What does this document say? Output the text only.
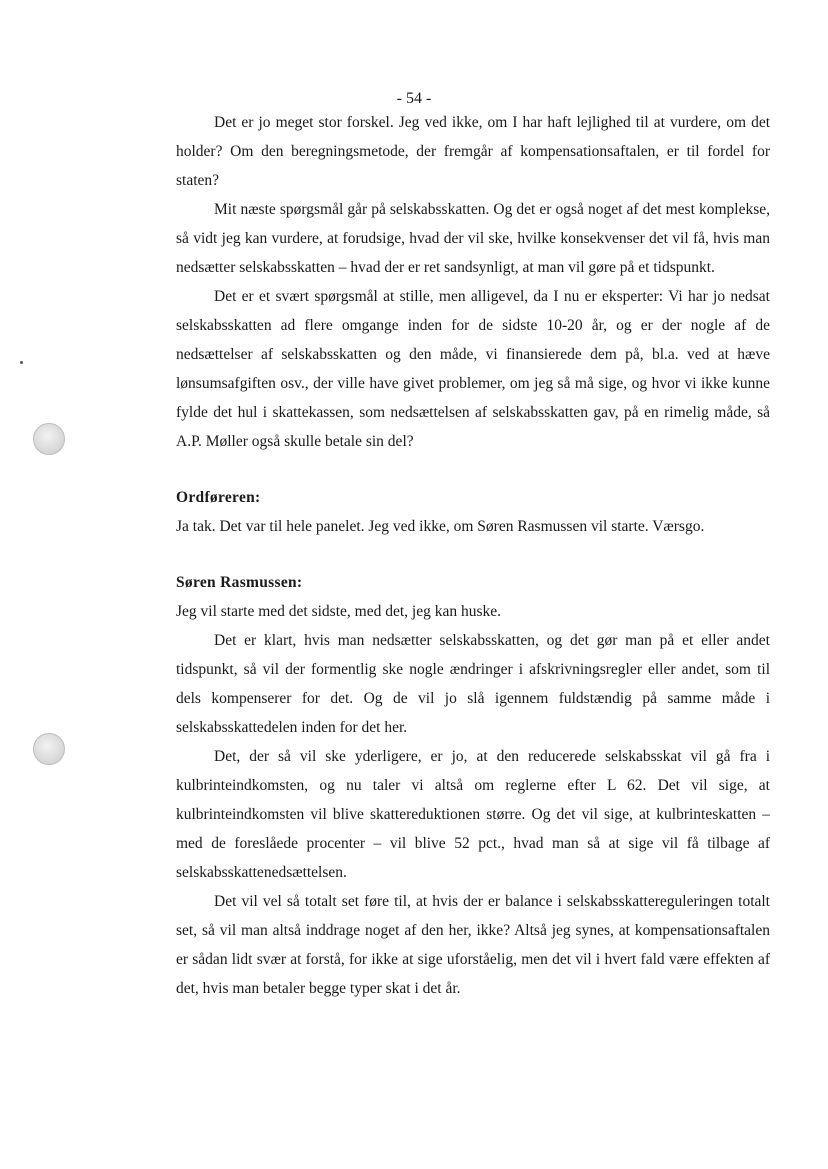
- 54 -

Det er jo meget stor forskel. Jeg ved ikke, om I har haft lejlighed til at vurdere, om det holder? Om den beregningsmetode, der fremgår af kompensationsaftalen, er til fordel for staten?

Mit næste spørgsmål går på selskabsskatten. Og det er også noget af det mest komplekse, så vidt jeg kan vurdere, at forudsige, hvad der vil ske, hvilke konsekvenser det vil få, hvis man nedsætter selskabsskatten – hvad der er ret sandsynligt, at man vil gøre på et tidspunkt.

Det er et svært spørgsmål at stille, men alligevel, da I nu er eksperter: Vi har jo nedsat selskabsskatten ad flere omgange inden for de sidste 10-20 år, og er der nogle af de nedsættelser af selskabsskatten og den måde, vi finansierede dem på, bl.a. ved at hæve lønsumsafgiften osv., der ville have givet problemer, om jeg så må sige, og hvor vi ikke kunne fylde det hul i skattekassen, som nedsættelsen af selskabsskatten gav, på en rimelig måde, så A.P. Møller også skulle betale sin del?

Ordføreren:

Ja tak. Det var til hele panelet. Jeg ved ikke, om Søren Rasmussen vil starte. Værsgo.

Søren Rasmussen:

Jeg vil starte med det sidste, med det, jeg kan huske.

Det er klart, hvis man nedsætter selskabsskatten, og det gør man på et eller andet tidspunkt, så vil der formentlig ske nogle ændringer i afskrivningsregler eller andet, som til dels kompenserer for det. Og de vil jo slå igennem fuldstændig på samme måde i selskabsskattedelen inden for det her.

Det, der så vil ske yderligere, er jo, at den reducerede selskabsskat vil gå fra i kulbrinteindkomsten, og nu taler vi altså om reglerne efter L 62. Det vil sige, at kulbrinteindkomsten vil blive skattereduktionen større. Og det vil sige, at kulbrinteskatten – med de foreslåede procenter – vil blive 52 pct., hvad man så at sige vil få tilbage af selskabsskattenedsættelsen.

Det vil vel så totalt set føre til, at hvis der er balance i selskabsskattereguleringen totalt set, så vil man altså inddrage noget af den her, ikke? Altså jeg synes, at kompensationsaftalen er sådan lidt svær at forstå, for ikke at sige uforståelig, men det vil i hvert fald være effekten af det, hvis man betaler begge typer skat i det år.
